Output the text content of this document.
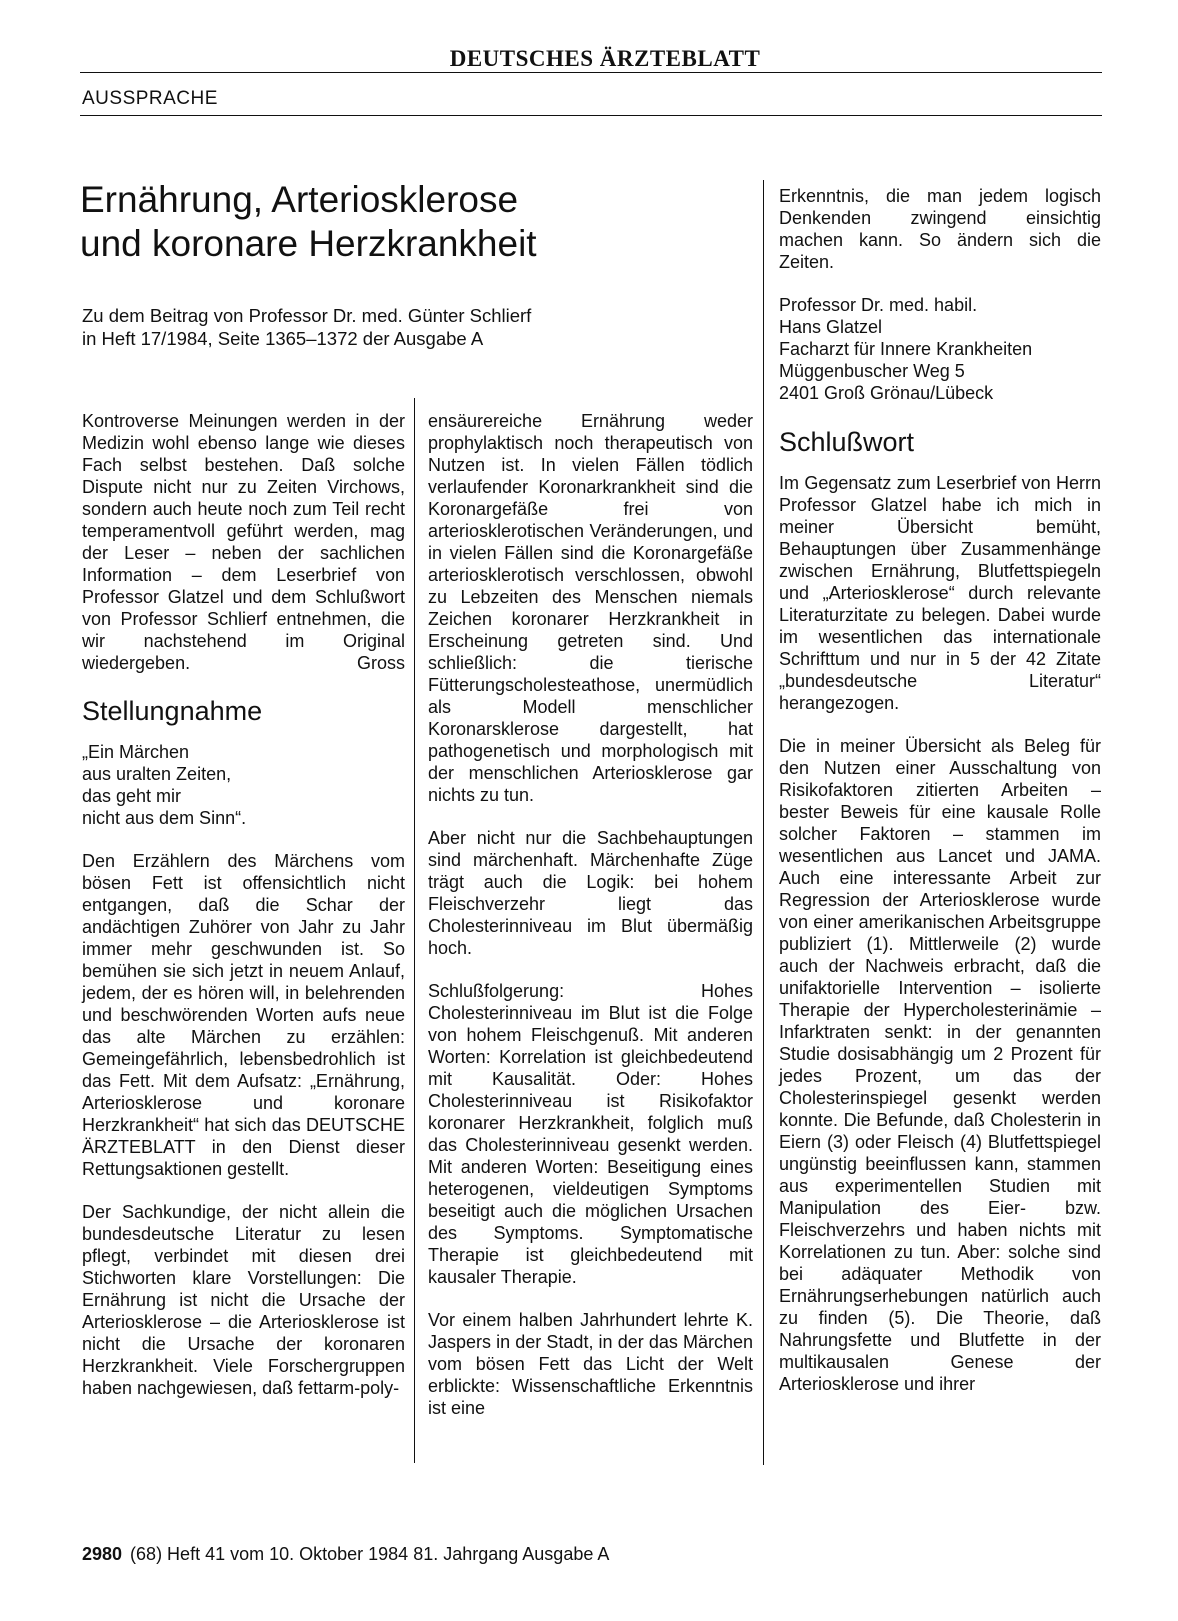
DEUTSCHES ÄRZTEBLATT
AUSSPRACHE
Ernährung, Arteriosklerose
und koronare Herzkrankheit
Zu dem Beitrag von Professor Dr. med. Günter Schlierf
in Heft 17/1984, Seite 1365–1372 der Ausgabe A

Kontroverse Meinungen werden in der Medizin wohl ebenso lange wie dieses Fach selbst bestehen. Daß solche Dispute nicht nur zu Zeiten Virchows, sondern auch heute noch zum Teil recht temperamentvoll geführt werden, mag der Leser – neben der sachlichen Information – dem Leserbrief von Professor Glatzel und dem Schlußwort von Professor Schlierf entnehmen, die wir nachstehend im Original wiedergeben.	Gross

Stellungnahme
„Ein Märchen
aus uralten Zeiten,
das geht mir
nicht aus dem Sinn“.

Den Erzählern des Märchens vom bösen Fett ist offensichtlich nicht entgangen, daß die Schar der andächtigen Zuhörer von Jahr zu Jahr immer mehr geschwunden ist. So bemühen sie sich jetzt in neuem Anlauf, jedem, der es hören will, in belehrenden und beschwörenden Worten aufs neue das alte Märchen zu erzählen: Gemeingefährlich, lebensbedrohlich ist das Fett. Mit dem Aufsatz: „Ernährung, Arteriosklerose und koronare Herzkrankheit“ hat sich das DEUTSCHE ÄRZTEBLATT in den Dienst dieser Rettungsaktionen gestellt.

Der Sachkundige, der nicht allein die bundesdeutsche Literatur zu lesen pflegt, verbindet mit diesen drei Stichworten klare Vorstellungen: Die Ernährung ist nicht die Ursache der Arteriosklerose – die Arteriosklerose ist nicht die Ursache der koronaren Herzkrankheit. Viele Forschergruppen haben nachgewiesen, daß fettarm-poly-

ensäurereiche Ernährung weder prophylaktisch noch therapeutisch von Nutzen ist. In vielen Fällen tödlich verlaufender Koronarkrankheit sind die Koronargefäße frei von arteriosklerotischen Veränderungen, und in vielen Fällen sind die Koronargefäße arteriosklerotisch verschlossen, obwohl zu Lebzeiten des Menschen niemals Zeichen koronarer Herzkrankheit in Erscheinung getreten sind. Und schließlich: die tierische Fütterungscholesteathose, unermüdlich als Modell menschlicher Koronarsklerose dargestellt, hat pathogenetisch und morphologisch mit der menschlichen Arteriosklerose gar nichts zu tun.

Aber nicht nur die Sachbehauptungen sind märchenhaft. Märchenhafte Züge trägt auch die Logik: bei hohem Fleischverzehr liegt das Cholesterinniveau im Blut übermäßig hoch.

Schlußfolgerung: Hohes Cholesterinniveau im Blut ist die Folge von hohem Fleischgenuß. Mit anderen Worten: Korrelation ist gleichbedeutend mit Kausalität. Oder: Hohes Cholesterinniveau ist Risikofaktor koronarer Herzkrankheit, folglich muß das Cholesterinniveau gesenkt werden. Mit anderen Worten: Beseitigung eines heterogenen, vieldeutigen Symptoms beseitigt auch die möglichen Ursachen des Symptoms. Symptomatische Therapie ist gleichbedeutend mit kausaler Therapie.

Vor einem halben Jahrhundert lehrte K. Jaspers in der Stadt, in der das Märchen vom bösen Fett das Licht der Welt erblickte: Wissenschaftliche Erkenntnis ist eine

Erkenntnis, die man jedem logisch Denkenden zwingend einsichtig machen kann. So ändern sich die Zeiten.

Professor Dr. med. habil.
Hans Glatzel
Facharzt für Innere Krankheiten
Müggenbuscher Weg 5
2401 Groß Grönau/Lübeck
Schlußwort

Im Gegensatz zum Leserbrief von Herrn Professor Glatzel habe ich mich in meiner Übersicht bemüht, Behauptungen über Zusammenhänge zwischen Ernährung, Blutfettspiegeln und „Arteriosklerose“ durch relevante Literaturzitate zu belegen. Dabei wurde im wesentlichen das internationale Schrifttum und nur in 5 der 42 Zitate „bundesdeutsche Literatur“ herangezogen.

Die in meiner Übersicht als Beleg für den Nutzen einer Ausschaltung von Risikofaktoren zitierten Arbeiten – bester Beweis für eine kausale Rolle solcher Faktoren – stammen im wesentlichen aus Lancet und JAMA. Auch eine interessante Arbeit zur Regression der Arteriosklerose wurde von einer amerikanischen Arbeitsgruppe publiziert (1). Mittlerweile (2) wurde auch der Nachweis erbracht, daß die unifaktorielle Intervention – isolierte Therapie der Hypercholesterinämie – Infarktraten senkt: in der genannten Studie dosisabhängig um 2 Prozent für jedes Prozent, um das der Cholesterinspiegel gesenkt werden konnte. Die Befunde, daß Cholesterin in Eiern (3) oder Fleisch (4) Blutfettspiegel ungünstig beeinflussen kann, stammen aus experimentellen Studien mit Manipulation des Eier- bzw. Fleischverzehrs und haben nichts mit Korrelationen zu tun. Aber: solche sind bei adäquater Methodik von Ernährungserhebungen natürlich auch zu finden (5). Die Theorie, daß Nahrungsfette und Blutfette in der multikausalen Genese der Arteriosklerose und ihrer

2980 (68) Heft 41 vom 10. Oktober 1984 81. Jahrgang Ausgabe A
